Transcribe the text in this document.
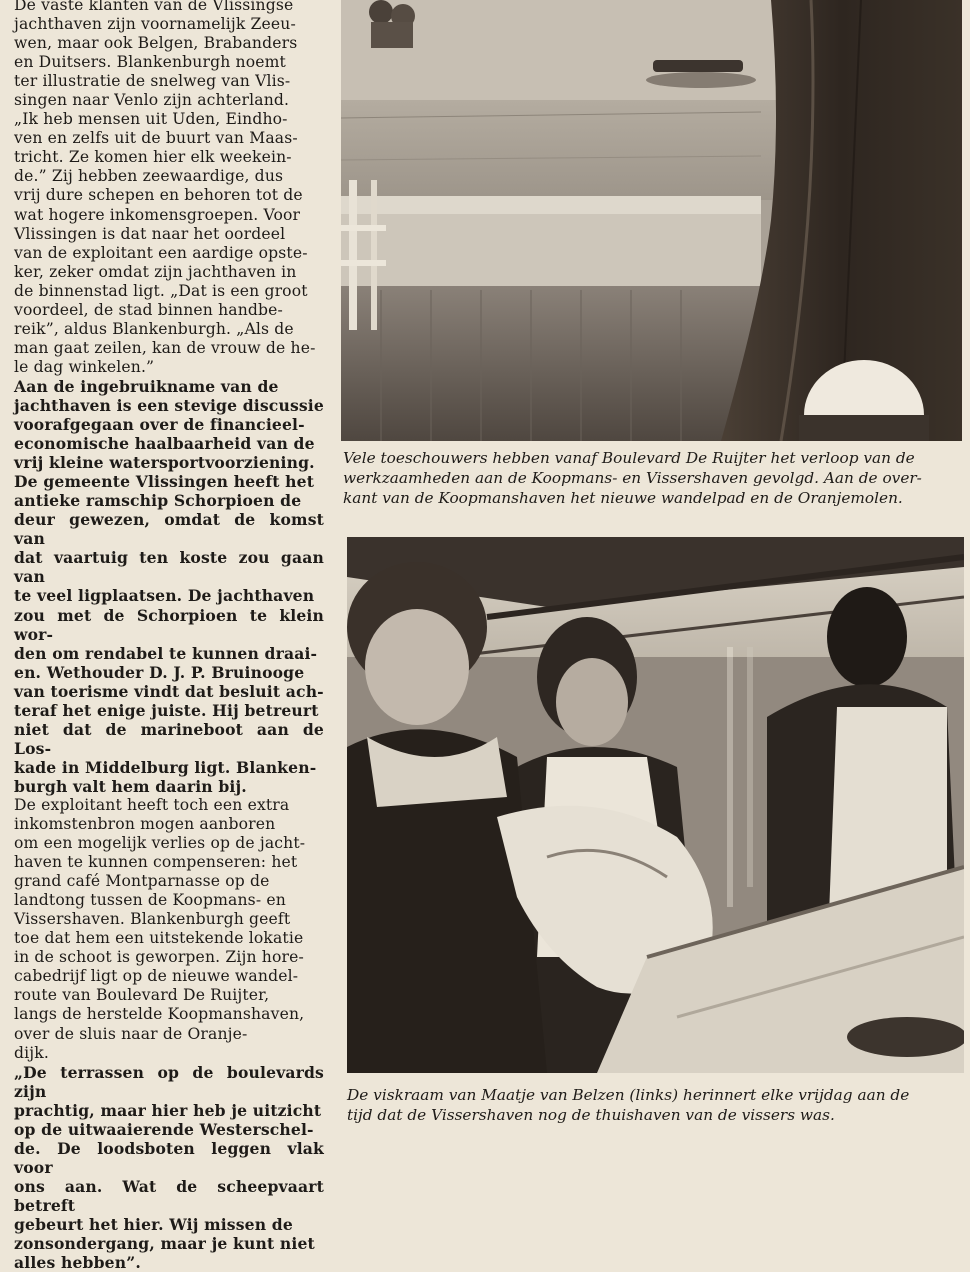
De vaste klanten van de Vlissingse
jachthaven zijn voornamelijk Zeeu-
wen, maar ook Belgen, Brabanders
en Duitsers. Blankenburgh noemt
ter illustratie de snelweg van Vlis-
singen naar Venlo zijn achterland.
„Ik heb mensen uit Uden, Eindho-
ven en zelfs uit de buurt van Maas-
tricht. Ze komen hier elk weekein-
de.” Zij hebben zeewaardige, dus
vrij dure schepen en behoren tot de
wat hogere inkomensgroepen. Voor
Vlissingen is dat naar het oordeel
van de exploitant een aardige opste-
ker, zeker omdat zijn jachthaven in
de binnenstad ligt. „Dat is een groot
voordeel, de stad binnen handbe-
reik”, aldus Blankenburgh. „Als de
man gaat zeilen, kan de vrouw de he-
le dag winkelen.”

Aan de ingebruikname van de
jachthaven is een stevige discussie
voorafgegaan over de financieel-
economische haalbaarheid van de
vrij kleine watersportvoorziening.
De gemeente Vlissingen heeft het
antieke ramschip Schorpioen de
deur gewezen, omdat de komst van
dat vaartuig ten koste zou gaan van
te veel ligplaatsen. De jachthaven
zou met de Schorpioen te klein wor-
den om rendabel te kunnen draai-
en. Wethouder D. J. P. Bruinooge
van toerisme vindt dat besluit ach-
teraf het enige juiste. Hij betreurt
niet dat de marineboot aan de Los-
kade in Middelburg ligt. Blanken-
burgh valt hem daarin bij.

De exploitant heeft toch een extra
inkomstenbron mogen aanboren
om een mogelijk verlies op de jacht-
haven te kunnen compenseren: het
grand café Montparnasse op de
landtong tussen de Koopmans- en
Vissershaven. Blankenburgh geeft
toe dat hem een uitstekende lokatie
in de schoot is geworpen. Zijn hore-
cabedrijf ligt op de nieuwe wandel-
route van Boulevard De Ruijter,
langs de herstelde Koopmanshaven,
over de sluis naar de Oranje-
dijk.

„De terrassen op de boulevards zijn
prachtig, maar hier heb je uitzicht
op de uitwaaierende Westerschel-
de. De loodsboten leggen vlak voor
ons aan. Wat de scheepvaart betreft
gebeurt het hier. Wij missen de
zonsondergang, maar je kunt niet
alles hebben”.

Vele toeschouwers hebben vanaf Boulevard De Ruijter het verloop van de
werkzaamheden aan de Koopmans- en Vissershaven gevolgd. Aan de over-
kant van de Koopmanshaven het nieuwe wandelpad en de Oranjemolen.

De viskraam van Maatje van Belzen (links) herinnert elke vrijdag aan de
tijd dat de Vissershaven nog de thuishaven van de vissers was.
